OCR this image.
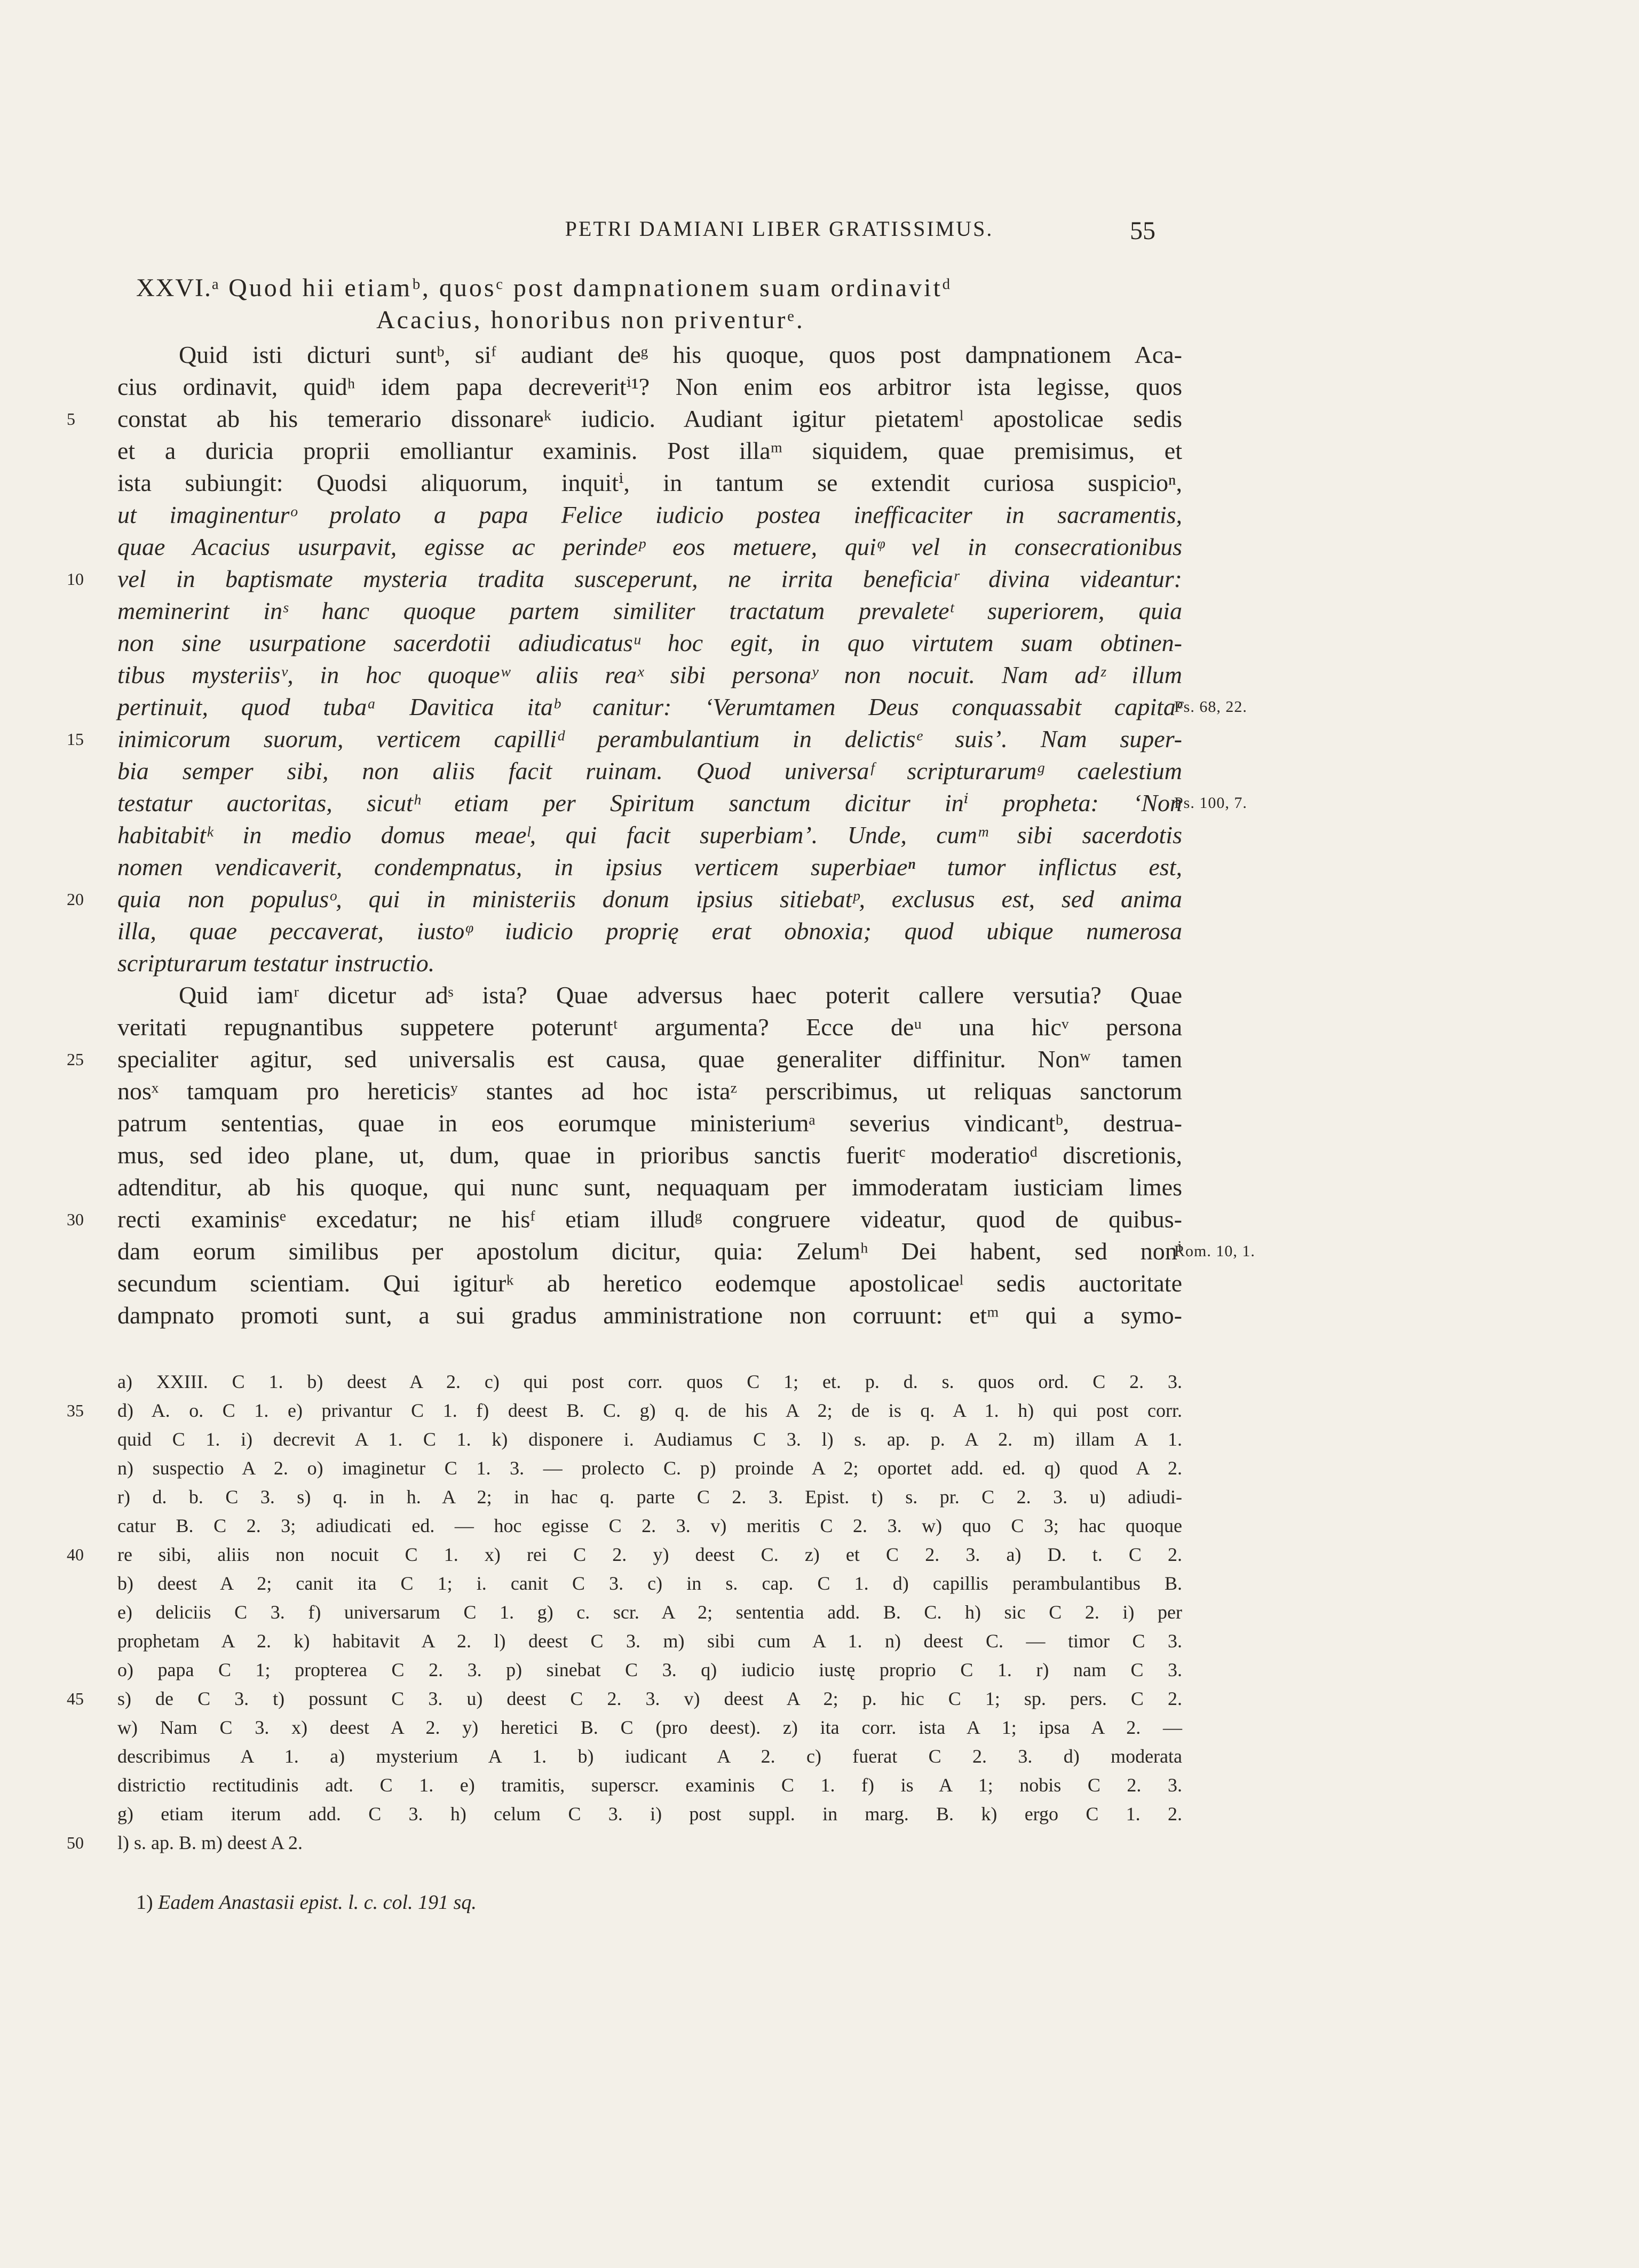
PETRI DAMIANI LIBER GRATISSIMUS.	55
XXVI.ᵃ Quod hii etiamᵇ, quosᶜ post dampnationem suam ordinavitᵈ
Acacius, honoribus non priventurᵉ.
Quid isti dicturi suntᵇ, siᶠ audiant deᵍ his quoque, quos post dampnationem Aca-
cius ordinavit, quidʰ idem papa decreveritⁱ¹? Non enim eos arbitror ista legisse, quos
5	constat ab his temerario dissonareᵏ iudicio. Audiant igitur pietatemˡ apostolicae sedis
et a duricia proprii emolliantur examinis. Post illaᵐ siquidem, quae premisimus, et
ista subiungit: Quodsi aliquorum, inquitⁱ, in tantum se extendit curiosa suspicioⁿ,
ut imaginenturᵒ prolato a papa Felice iudicio postea inefficaciter in sacramentis,
quae Acacius usurpavit, egisse ac perindeᵖ eos metuere, quiᵠ vel in consecrationibus
10	vel in baptismate mysteria tradita susceperunt, ne irrita beneficiaʳ divina videantur:
meminerint inˢ hanc quoque partem similiter tractatum prevaleteᵗ superiorem, quia
non sine usurpatione sacerdotii adiudicatusᵘ hoc egit, in quo virtutem suam obtinen-
tibus mysteriisᵛ, in hoc quoqueʷ aliis reaˣ sibi personaʸ non nocuit. Nam adᶻ illum
pertinuit, quod tubaᵃ Davitica itaᵇ canitur: ‘Verumtamen Deus conquassabit capitaᶜ
Ps. 68, 22.
15	inimicorum suorum, verticem capilliᵈ perambulantium in delictisᵉ suis’. Nam super-
bia semper sibi, non aliis facit ruinam. Quod universaᶠ scripturarumᵍ caelestium
testatur auctoritas, sicutʰ etiam per Spiritum sanctum dicitur inⁱ propheta: ‘Non
Ps. 100, 7.
habitabitᵏ in medio domus meaeˡ, qui facit superbiam’. Unde, cumᵐ sibi sacerdotis
nomen vendicaverit, condempnatus, in ipsius verticem superbiaeⁿ tumor inflictus est,
20	quia non populusᵒ, qui in ministeriis donum ipsius sitiebatᵖ, exclusus est, sed anima
illa, quae peccaverat, iustoᵠ iudicio proprię erat obnoxia; quod ubique numerosa
scripturarum testatur instructio.
Quid iamʳ dicetur adˢ ista? Quae adversus haec poterit callere versutia? Quae
veritati repugnantibus suppetere poteruntᵗ argumenta? Ecce deᵘ una hicᵛ persona
25	specialiter agitur, sed universalis est causa, quae generaliter diffinitur. Nonʷ tamen
nosˣ tamquam pro hereticisʸ stantes ad hoc istaᶻ perscribimus, ut reliquas sanctorum
patrum sententias, quae in eos eorumque ministeriumᵃ severius vindicantᵇ, destrua-
mus, sed ideo plane, ut, dum, quae in prioribus sanctis fueritᶜ moderatioᵈ discretionis,
adtenditur, ab his quoque, qui nunc sunt, nequaquam per immoderatam iusticiam limes
30	recti examinisᵉ excedatur; ne hisᶠ etiam illudᵍ congruere videatur, quod de quibus-
dam eorum similibus per apostolum dicitur, quia: Zelumʰ Dei habent, sed nonⁱ
Rom. 10, 1.
secundum scientiam. Qui igiturᵏ ab heretico eodemque apostolicaeˡ sedis auctoritate
dampnato promoti sunt, a sui gradus amministratione non corruunt: etᵐ qui a symo-
a) XXIII. C 1. b) deest A 2. c) qui post corr. quos C 1; et. p. d. s. quos ord. C 2. 3.
35	d) A. o. C 1. e) privantur C 1. f) deest B. C. g) q. de his A 2; de is q. A 1. h) qui post corr.
quid C 1. i) decrevit A 1. C 1. k) disponere i. Audiamus C 3. l) s. ap. p. A 2. m) illam A 1.
n) suspectio A 2. o) imaginetur C 1. 3. — prolecto C. p) proinde A 2; oportet add. ed. q) quod A 2.
r) d. b. C 3. s) q. in h. A 2; in hac q. parte C 2. 3. Epist. t) s. pr. C 2. 3. u) adiudi-
catur B. C 2. 3; adiudicati ed. — hoc egisse C 2. 3. v) meritis C 2. 3. w) quo C 3; hac quoque
40	re sibi, aliis non nocuit C 1. x) rei C 2. y) deest C. z) et C 2. 3. a) D. t. C 2.
b) deest A 2; canit ita C 1; i. canit C 3. c) in s. cap. C 1. d) capillis perambulantibus B.
e) deliciis C 3. f) universarum C 1. g) c. scr. A 2; sententia add. B. C. h) sic C 2. i) per
prophetam A 2. k) habitavit A 2. l) deest C 3. m) sibi cum A 1. n) deest C. — timor C 3.
o) papa C 1; propterea C 2. 3. p) sinebat C 3. q) iudicio iustę proprio C 1. r) nam C 3.
45	s) de C 3. t) possunt C 3. u) deest C 2. 3. v) deest A 2; p. hic C 1; sp. pers. C 2.
w) Nam C 3. x) deest A 2. y) heretici B. C (pro deest). z) ita corr. ista A 1; ipsa A 2. —
describimus A 1. a) mysterium A 1. b) iudicant A 2. c) fuerat C 2. 3. d) moderata
districtio rectitudinis adt. C 1. e) tramitis, superscr. examinis C 1. f) is A 1; nobis C 2. 3.
g) etiam iterum add. C 3. h) celum C 3. i) post suppl. in marg. B. k) ergo C 1. 2.
50	l) s. ap. B. m) deest A 2.
1) Eadem Anastasii epist. l. c. col. 191 sq.
